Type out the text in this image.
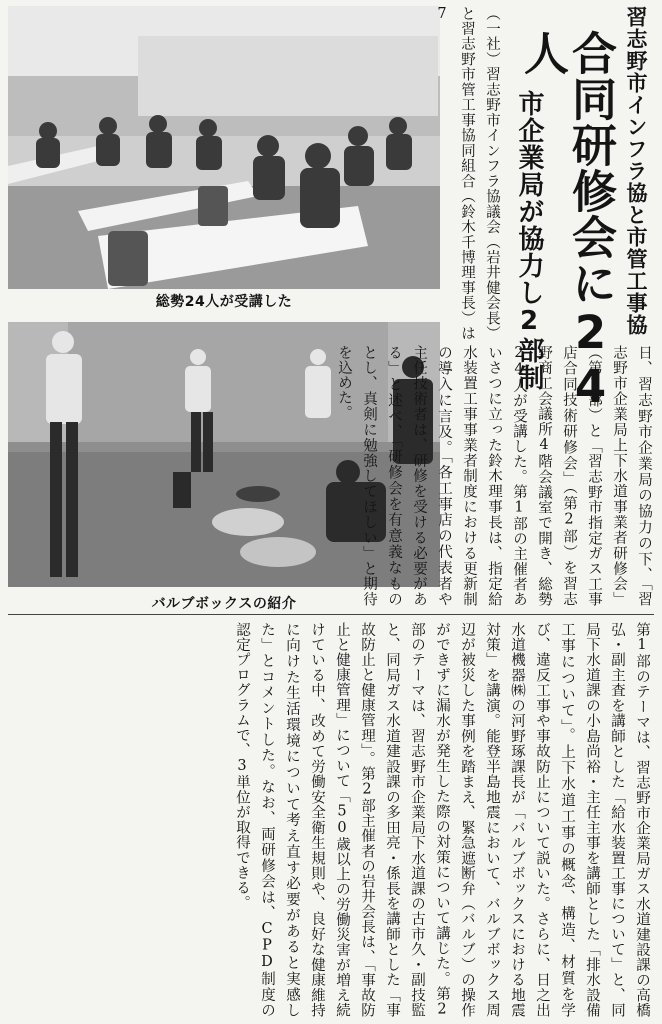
総勢24人が受講した
バルブボックスの紹介
習志野市インフラ協と市管工事協
合同研修会に24人
市企業局が協力し2部制
（一社）習志野市インフラ協議会（岩井健会長）と習志野市管工事協同組合（鈴木千博理事長）は7
日、習志野市企業局の協力の下、「習志野市企業局上下水道事業者研修会」（第1部）と「習志野市指定ガス工事店合同技術研修会」（第2部）を習志野商工会議所4階会議室で開き、総勢24人が受講した。第1部の主催者あいさつに立った鈴木理事長は、指定給水装置工事事業者制度における更新制の導入に言及。「各工事店の代表者や主任技術者は、研修を受ける必要がある」と述べ、「研修会を有意義なものとし、真剣に勉強してほしい」と期待を込めた。
第1部のテーマは、習志野市企業局ガス水道建設課の高橋弘・副主査を講師とした「給水装置工事について」と、同局下水道課の小島尚裕・主任主事を講師とした「排水設備工事について」。上下水道工事の概念、構造、材質を学び、違反工事や事故防止について説いた。さらに、日之出水道機器㈱の河野琢課長が「バルブボックスにおける地震対策」を講演。能登半島地震において、バルブボックス周辺が被災した事例を踏まえ、緊急遮断弁（バルブ）の操作ができずに漏水が発生した際の対策について講じた。第2部のテーマは、習志野市企業局下水道課の古市久・副技監と、同局ガス水道建設課の多田亮・係長を講師とした「事故防止と健康管理」。第2部主催者の岩井会長は、「事故防止と健康管理」について「50歳以上の労働災害が増え続けている中、改めて労働安全衛生規則や、良好な健康維持に向けた生活環境について考え直す必要があると実感した」とコメントした。なお、両研修会は、CPD制度の認定プログラムで、3単位が取得できる。
